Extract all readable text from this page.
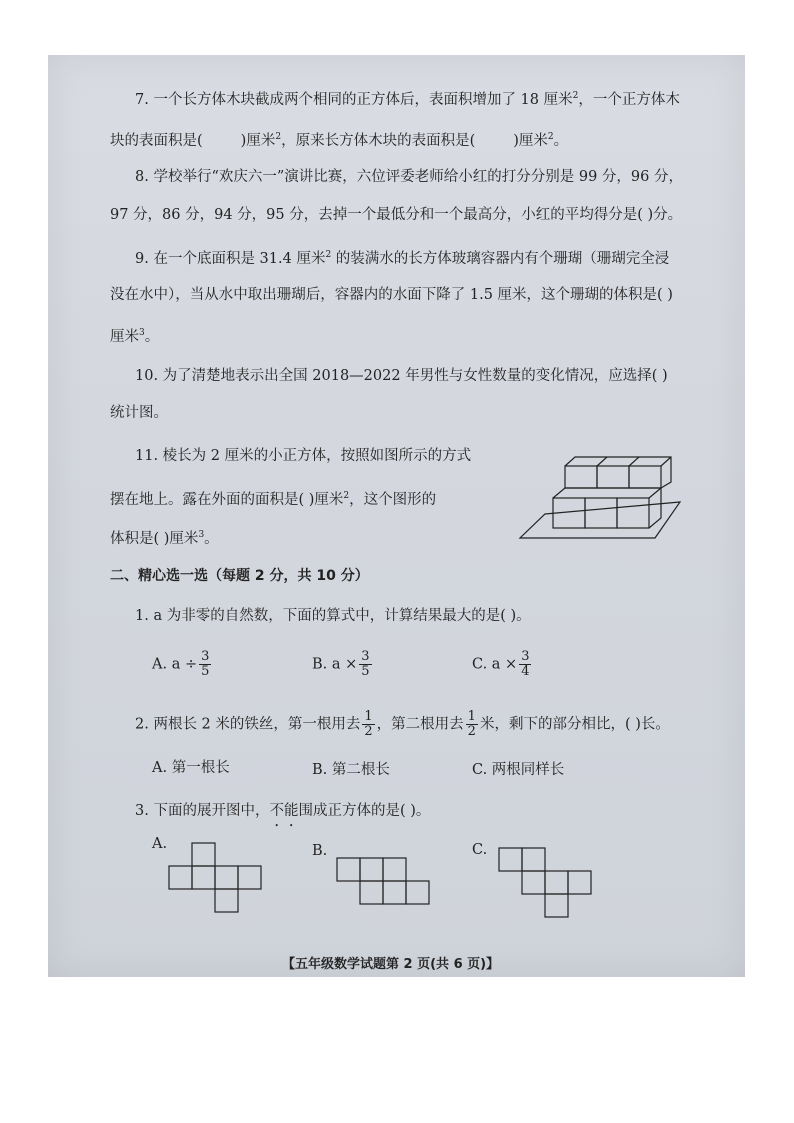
7. 一个长方体木块截成两个相同的正方体后，表面积增加了 18 厘米$^2$，一个正方体木
块的表面积是(	)厘米$^2$，原来长方体木块的表面积是(	)厘米$^2$。
8. 学校举行“欢庆六一”演讲比赛，六位评委老师给小红的打分分别是 99 分，96 分，
97 分，86 分，94 分，95 分，去掉一个最低分和一个最高分，小红的平均得分是( )分。
9. 在一个底面积是 31.4 厘米$^2$ 的装满水的长方体玻璃容器内有个珊瑚（珊瑚完全浸
没在水中），当从水中取出珊瑚后，容器内的水面下降了 1.5 厘米，这个珊瑚的体积是( )
厘米$^3$。
10. 为了清楚地表示出全国 2018—2022 年男性与女性数量的变化情况，应选择( )
统计图。
11. 棱长为 2 厘米的小正方体，按照如图所示的方式
摆在地上。露在外面的面积是( )厘米$^2$，这个图形的
体积是( )厘米$^3$。
二、精心选一选（每题 2 分，共 10 分）
1. a 为非零的自然数，下面的算式中，计算结果最大的是( )。
A. $a \div \frac{3}{5}$	B. $a \times \frac{3}{5}$	C. $a \times \frac{3}{4}$
2. 两根长 2 米的铁丝，第一根用去 $\frac{1}{2}$ ，第二根用去 $\frac{1}{2}$ 米，剩下的部分相比，( )长。
A. 第一根长	B. 第二根长	C. 两根同样长
3. 下面的展开图中，不能围成正方体的是( )。
A.	B.	C.
【五年级数学试题第 2 页(共 6 页)】
